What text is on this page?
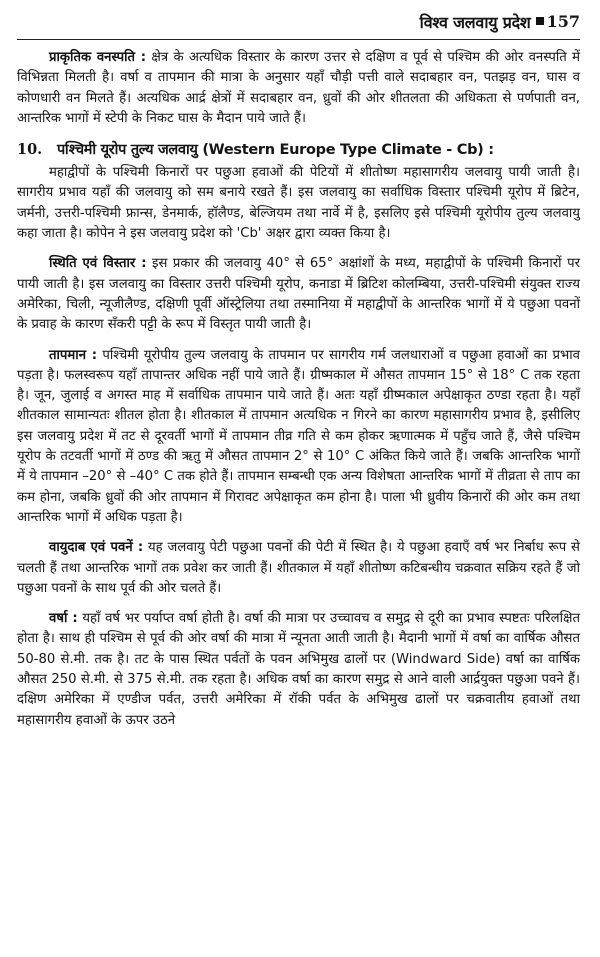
विश्व जलवायु प्रदेश 157

प्राकृतिक वनस्पति : क्षेत्र के अत्यधिक विस्तार के कारण उत्तर से दक्षिण व पूर्व से पश्चिम की ओर वनस्पति में विभिन्नता मिलती है। वर्षा व तापमान की मात्रा के अनुसार यहाँ चौड़ी पत्ती वाले सदाबहार वन, पतझड़ वन, घास व कोणधारी वन मिलते हैं। अत्यधिक आर्द्र क्षेत्रों में सदाबहार वन, ध्रुवों की ओर शीतलता की अधिकता से पर्णपाती वन, आन्तरिक भागों में स्टेपी के निकट घास के मैदान पाये जाते हैं।

10.	पश्चिमी यूरोप तुल्य जलवायु (Western Europe Type Climate - Cb) :

महाद्वीपों के पश्चिमी किनारों पर पछुआ हवाओं की पेटियों में शीतोष्ण महासागरीय जलवायु पायी जाती है। सागरीय प्रभाव यहाँ की जलवायु को सम बनाये रखते हैं। इस जलवायु का सर्वाधिक विस्तार पश्चिमी यूरोप में ब्रिटेन, जर्मनी, उत्तरी-पश्चिमी फ्रान्स, डेनमार्क, हॉलैण्ड, बेल्जियम तथा नार्वे में है, इसलिए इसे पश्चिमी यूरोपीय तुल्य जलवायु कहा जाता है। कोपेन ने इस जलवायु प्रदेश को 'Cb' अक्षर द्वारा व्यक्त किया है।

स्थिति एवं विस्तार : इस प्रकार की जलवायु 40° से 65° अक्षांशों के मध्य, महाद्वीपों के पश्चिमी किनारों पर पायी जाती है। इस जलवायु का विस्तार उत्तरी पश्चिमी यूरोप, कनाडा में ब्रिटिश कोलम्बिया, उत्तरी-पश्चिमी संयुक्त राज्य अमेरिका, चिली, न्यूजीलैण्ड, दक्षिणी पूर्वी ऑस्ट्रेलिया तथा तस्मानिया में महाद्वीपों के आन्तरिक भागों में ये पछुआ पवनों के प्रवाह के कारण सँकरी पट्टी के रूप में विस्तृत पायी जाती है।

तापमान : पश्चिमी यूरोपीय तुल्य जलवायु के तापमान पर सागरीय गर्म जलधाराओं व पछुआ हवाओं का प्रभाव पड़ता है। फलस्वरूप यहाँ तापान्तर अधिक नहीं पाये जाते हैं। ग्रीष्मकाल में औसत तापमान 15° से 18° C तक रहता है। जून, जुलाई व अगस्त माह में सर्वाधिक तापमान पाये जाते हैं। अतः यहाँ ग्रीष्मकाल अपेक्षाकृत ठण्डा रहता है। यहाँ शीतकाल सामान्यतः शीतल होता है। शीतकाल में तापमान अत्यधिक न गिरने का कारण महासागरीय प्रभाव है, इसीलिए इस जलवायु प्रदेश में तट से दूरवर्ती भागों में तापमान तीव्र गति से कम होकर ऋणात्मक में पहुँच जाते हैं, जैसे पश्चिम यूरोप के तटवर्ती भागों में ठण्ड की ऋतु में औसत तापमान 2° से 10° C अंकित किये जाते हैं। जबकि आन्तरिक भागों में ये तापमान –20° से –40° C तक होते हैं। तापमान सम्बन्धी एक अन्य विशेषता आन्तरिक भागों में तीव्रता से ताप का कम होना, जबकि ध्रुवों की ओर तापमान में गिरावट अपेक्षाकृत कम होना है। पाला भी ध्रुवीय किनारों की ओर कम तथा आन्तरिक भागों में अधिक पड़ता है।

वायुदाब एवं पवनें : यह जलवायु पेटी पछुआ पवनों की पेटी में स्थित है। ये पछुआ हवाएँ वर्ष भर निर्बाध रूप से चलती हैं तथा आन्तरिक भागों तक प्रवेश कर जाती हैं। शीतकाल में यहाँ शीतोष्ण कटिबन्धीय चक्रवात सक्रिय रहते हैं जो पछुआ पवनों के साथ पूर्व की ओर चलते हैं।

वर्षा : यहाँ वर्ष भर पर्याप्त वर्षा होती है। वर्षा की मात्रा पर उच्चावच व समुद्र से दूरी का प्रभाव स्पष्टतः परिलक्षित होता है। साथ ही पश्चिम से पूर्व की ओर वर्षा की मात्रा में न्यूनता आती जाती है। मैदानी भागों में वर्षा का वार्षिक औसत 50-80 से.मी. तक है। तट के पास स्थित पर्वतों के पवन अभिमुख ढालों पर (Windward Side) वर्षा का वार्षिक औसत 250 से.मी. से 375 से.मी. तक रहता है। अधिक वर्षा का कारण समुद्र से आने वाली आर्द्रयुक्त पछुआ पवने हैं। दक्षिण अमेरिका में एण्डीज पर्वत, उत्तरी अमेरिका में रॉकी पर्वत के अभिमुख ढालों पर चक्रवातीय हवाओं तथा महासागरीय हवाओं के ऊपर उठने
